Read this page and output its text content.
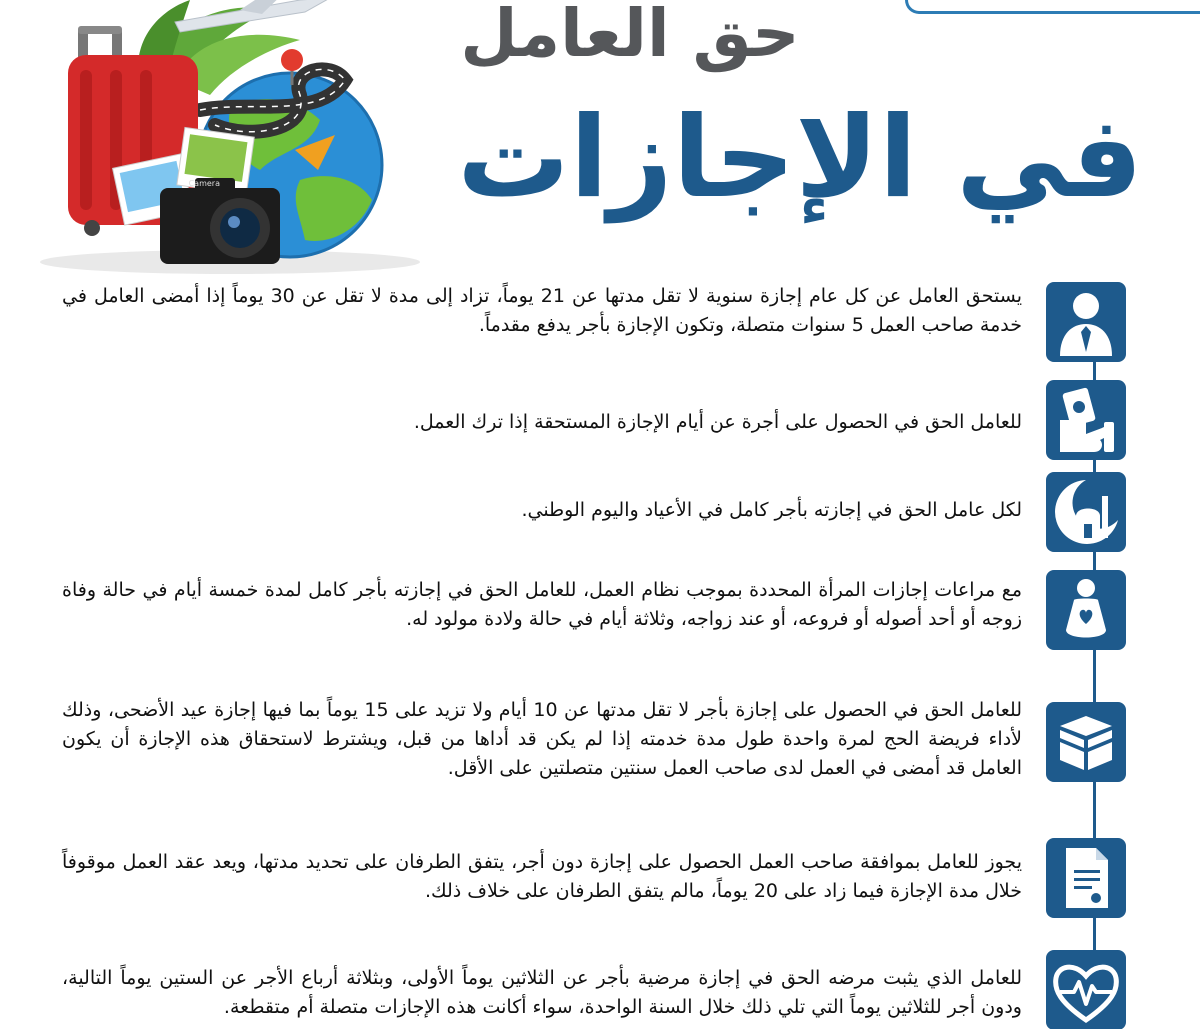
حق العامل
في الإجازات
Camera
يستحق العامل عن كل عام إجازة سنوية لا تقل مدتها عن 21 يوماً، تزاد إلى مدة لا تقل عن 30 يوماً إذا أمضى العامل في خدمة صاحب العمل 5 سنوات متصلة، وتكون الإجازة بأجر يدفع مقدماً.
للعامل الحق في الحصول على أجرة عن أيام الإجازة المستحقة إذا ترك العمل.
لكل عامل الحق في إجازته بأجر كامل في الأعياد واليوم الوطني.
مع مراعات إجازات المرأة المحددة بموجب نظام العمل، للعامل الحق في إجازته بأجر كامل لمدة خمسة أيام في حالة وفاة زوجه أو أحد أصوله أو فروعه، أو عند زواجه، وثلاثة أيام في حالة ولادة مولود له.
للعامل الحق في الحصول على إجازة بأجر لا تقل مدتها عن 10 أيام ولا تزيد على 15 يوماً بما فيها إجازة عيد الأضحى، وذلك لأداء فريضة الحج لمرة واحدة طول مدة خدمته إذا لم يكن قد أداها من قبل، ويشترط لاستحقاق هذه الإجازة أن يكون العامل قد أمضى في العمل لدى صاحب العمل سنتين متصلتين على الأقل.
يجوز للعامل بموافقة صاحب العمل الحصول على إجازة دون أجر، يتفق الطرفان على تحديد مدتها، ويعد عقد العمل موقوفاً خلال مدة الإجازة فيما زاد على 20 يوماً، مالم يتفق الطرفان على خلاف ذلك.
للعامل الذي يثبت مرضه الحق في إجازة مرضية بأجر عن الثلاثين يوماً الأولى، وبثلاثة أرباع الأجر عن الستين يوماً التالية، ودون أجر للثلاثين يوماً التي تلي ذلك خلال السنة الواحدة، سواء أكانت هذه الإجازات متصلة أم متقطعة.
